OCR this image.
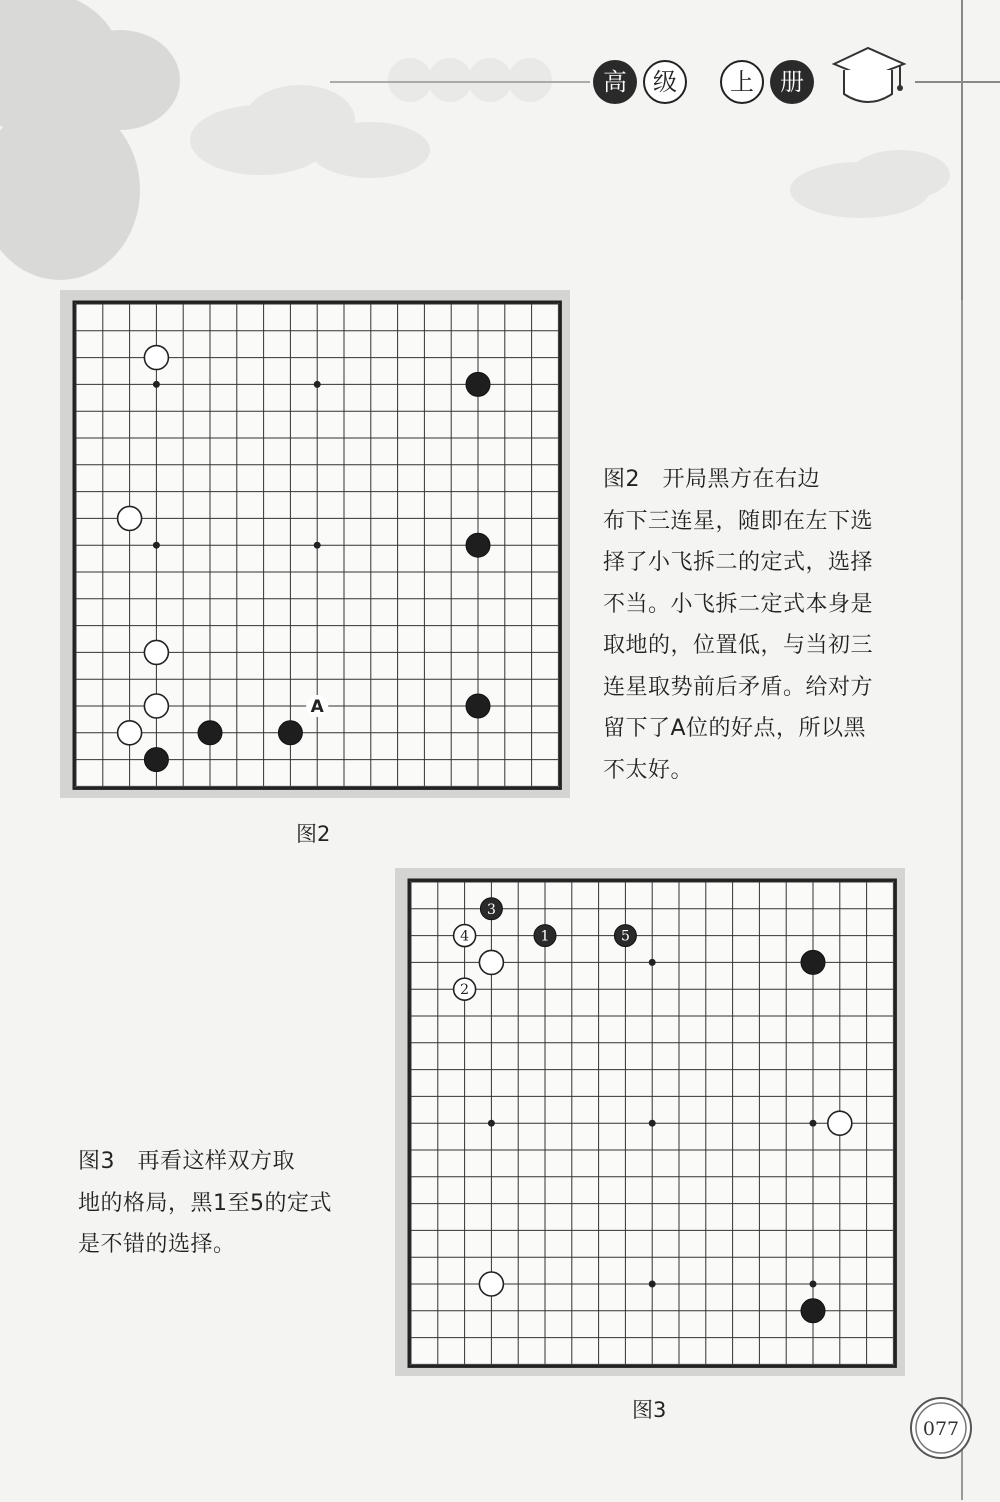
高	级	上	册
A
图2
图2　开局黑方在右边
布下三连星，随即在左下选
择了小飞拆二的定式，选择
不当。小飞拆二定式本身是
取地的，位置低，与当初三
连星取势前后矛盾。给对方
留下了A位的好点，所以黑
不太好。
1
2
3
4	5
图3
图3　再看这样双方取
地的格局，黑1至5的定式
是不错的选择。
077
